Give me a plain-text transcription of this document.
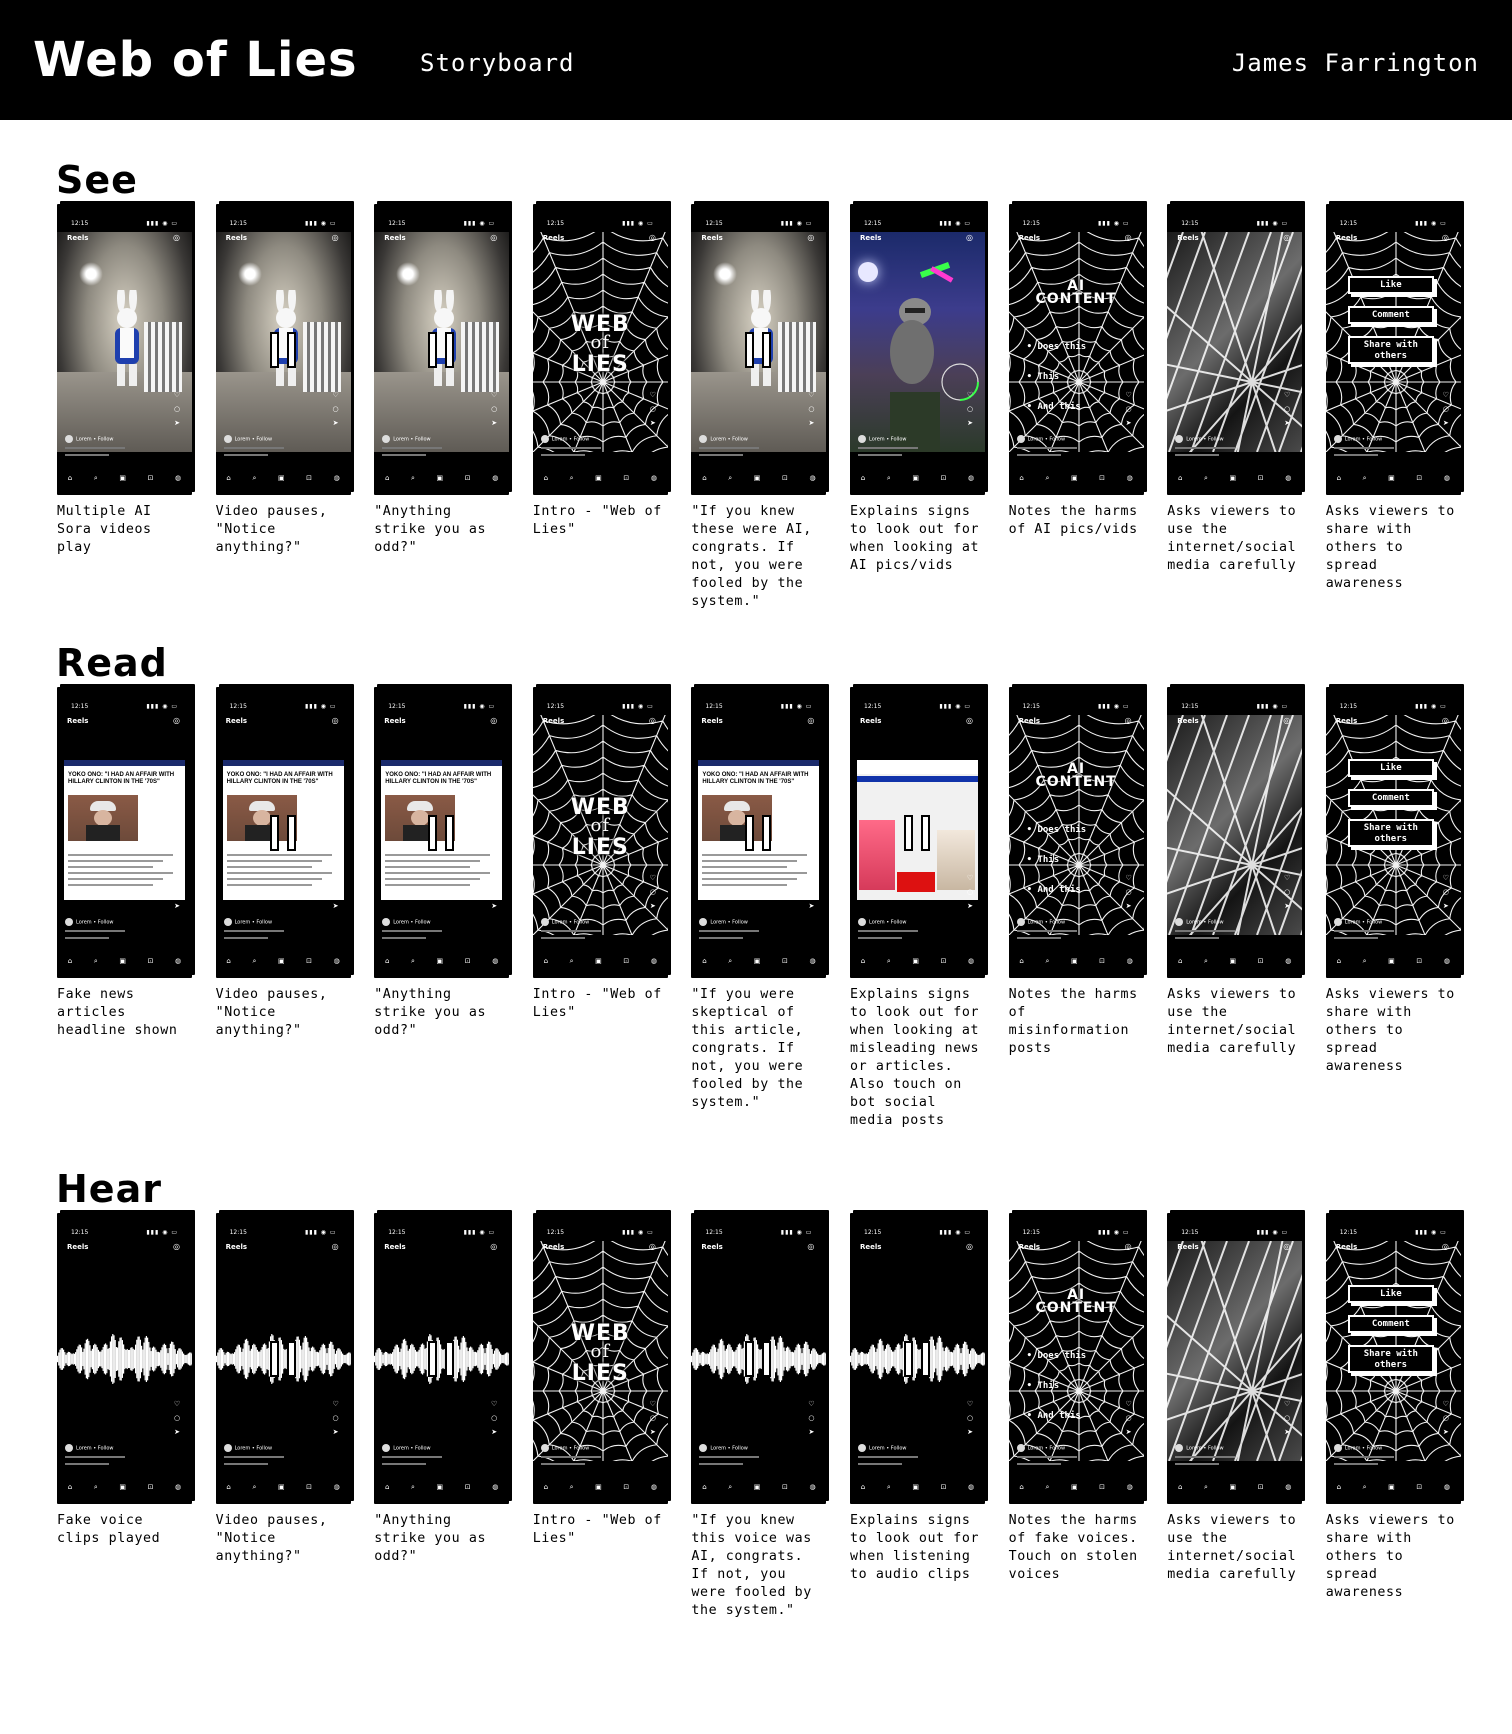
Web of Lies	Storyboard	James Farrington
See
12:15	▮▮▮ ◉ ▭
Reels	◎
♡
○
➤
Lorem • Follow
⌂	⌕	▣	⊡	◍
Multiple AI
Sora videos
play
12:15	▮▮▮ ◉ ▭
Reels	◎
♡
○
➤
Lorem • Follow
⌂	⌕	▣	⊡	◍
Video pauses,
"Notice
anything?"
12:15	▮▮▮ ◉ ▭
Reels	◎
♡
○
➤
Lorem • Follow
⌂	⌕	▣	⊡	◍
"Anything
strike you as
odd?"
12:15	▮▮▮ ◉ ▭
WEB
of
LIES
Reels	◎
♡
○
➤
Lorem • Follow
⌂	⌕	▣	⊡	◍
Intro - "Web of
Lies"
12:15	▮▮▮ ◉ ▭
Reels	◎
♡
○
➤
Lorem • Follow
⌂	⌕	▣	⊡	◍
"If you knew
these were AI,
congrats. If
not, you were
fooled by the
system."
12:15	▮▮▮ ◉ ▭
Reels	◎
♡
○
➤
Lorem • Follow
⌂	⌕	▣	⊡	◍
Explains signs
to look out for
when looking at
AI pics/vids
12:15	▮▮▮ ◉ ▭
AI
CONTENT
• Does this
• This
• And this
Reels	◎
♡
○
➤
Lorem • Follow
⌂	⌕	▣	⊡	◍
Notes the harms
of AI pics/vids
12:15	▮▮▮ ◉ ▭
Reels	◎
♡
○
➤
Lorem • Follow
⌂	⌕	▣	⊡	◍
Asks viewers to
use the
internet/social
media carefully
12:15	▮▮▮ ◉ ▭
Like
Comment
Share with others
Reels	◎
♡
○
➤
Lorem • Follow
⌂	⌕	▣	⊡	◍
Asks viewers to
share with
others to
spread
awareness
Read
12:15	▮▮▮ ◉ ▭
YOKO ONO: "I HAD AN AFFAIR WITH HILLARY CLINTON IN THE '70S"
Reels	◎
♡
○
➤
Lorem • Follow
⌂	⌕	▣	⊡	◍
Fake news
articles
headline shown
12:15	▮▮▮ ◉ ▭
YOKO ONO: "I HAD AN AFFAIR WITH HILLARY CLINTON IN THE '70S"
Reels	◎
♡
○
➤
Lorem • Follow
⌂	⌕	▣	⊡	◍
Video pauses,
"Notice
anything?"
12:15	▮▮▮ ◉ ▭
YOKO ONO: "I HAD AN AFFAIR WITH HILLARY CLINTON IN THE '70S"
Reels	◎
♡
○
➤
Lorem • Follow
⌂	⌕	▣	⊡	◍
"Anything
strike you as
odd?"
12:15	▮▮▮ ◉ ▭
WEB
of
LIES
Reels	◎
♡
○
➤
Lorem • Follow
⌂	⌕	▣	⊡	◍
Intro - "Web of
Lies"
12:15	▮▮▮ ◉ ▭
YOKO ONO: "I HAD AN AFFAIR WITH HILLARY CLINTON IN THE '70S"
Reels	◎
♡
○
➤
Lorem • Follow
⌂	⌕	▣	⊡	◍
"If you were
skeptical of
this article,
congrats. If
not, you were
fooled by the
system."
12:15	▮▮▮ ◉ ▭
Reels	◎
♡
○
➤
Lorem • Follow
⌂	⌕	▣	⊡	◍
Explains signs
to look out for
when looking at
misleading news
or articles.
Also touch on
bot social
media posts
12:15	▮▮▮ ◉ ▭
AI
CONTENT
• Does this
• This
• And this
Reels	◎
♡
○
➤
Lorem • Follow
⌂	⌕	▣	⊡	◍
Notes the harms
of
misinformation
posts
12:15	▮▮▮ ◉ ▭
Reels	◎
♡
○
➤
Lorem • Follow
⌂	⌕	▣	⊡	◍
Asks viewers to
use the
internet/social
media carefully
12:15	▮▮▮ ◉ ▭
Like
Comment
Share with others
Reels	◎
♡
○
➤
Lorem • Follow
⌂	⌕	▣	⊡	◍
Asks viewers to
share with
others to
spread
awareness
Hear
12:15	▮▮▮ ◉ ▭
Reels	◎
♡
○
➤
Lorem • Follow
⌂	⌕	▣	⊡	◍
Fake voice
clips played
12:15	▮▮▮ ◉ ▭
Reels	◎
♡
○
➤
Lorem • Follow
⌂	⌕	▣	⊡	◍
Video pauses,
"Notice
anything?"
12:15	▮▮▮ ◉ ▭
Reels	◎
♡
○
➤
Lorem • Follow
⌂	⌕	▣	⊡	◍
"Anything
strike you as
odd?"
12:15	▮▮▮ ◉ ▭
WEB
of
LIES
Reels	◎
♡
○
➤
Lorem • Follow
⌂	⌕	▣	⊡	◍
Intro - "Web of
Lies"
12:15	▮▮▮ ◉ ▭
Reels	◎
♡
○
➤
Lorem • Follow
⌂	⌕	▣	⊡	◍
"If you knew
this voice was
AI, congrats.
If not, you
were fooled by
the system."
12:15	▮▮▮ ◉ ▭
Reels	◎
♡
○
➤
Lorem • Follow
⌂	⌕	▣	⊡	◍
Explains signs
to look out for
when listening
to audio clips
12:15	▮▮▮ ◉ ▭
AI
CONTENT
• Does this
• This
• And this
Reels	◎
♡
○
➤
Lorem • Follow
⌂	⌕	▣	⊡	◍
Notes the harms
of fake voices.
Touch on stolen
voices
12:15	▮▮▮ ◉ ▭
Reels	◎
♡
○
➤
Lorem • Follow
⌂	⌕	▣	⊡	◍
Asks viewers to
use the
internet/social
media carefully
12:15	▮▮▮ ◉ ▭
Like
Comment
Share with others
Reels	◎
♡
○
➤
Lorem • Follow
⌂	⌕	▣	⊡	◍
Asks viewers to
share with
others to
spread
awareness
